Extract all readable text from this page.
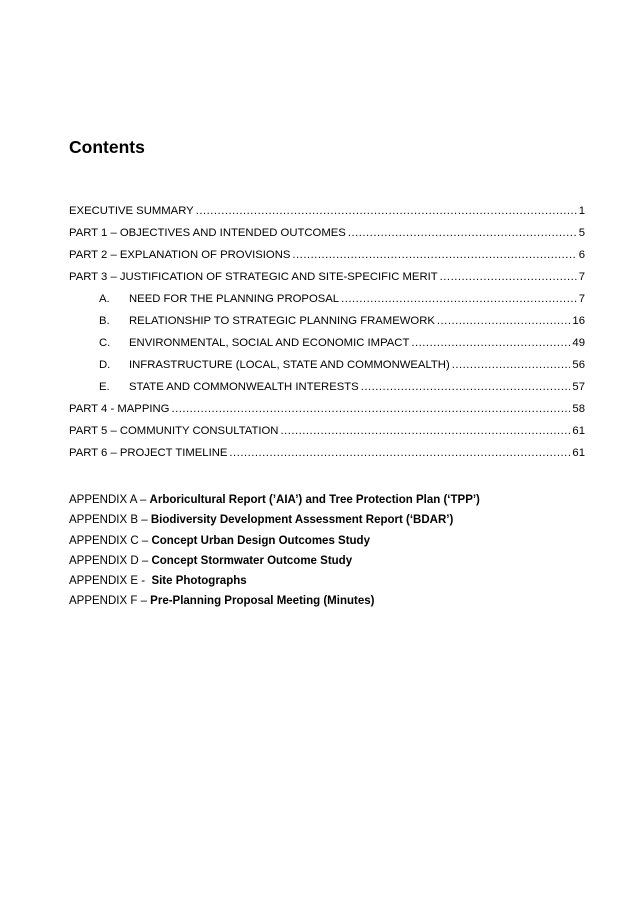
Contents
EXECUTIVE SUMMARY .....	1
PART 1 – OBJECTIVES AND INTENDED OUTCOMES .....	5
PART 2 – EXPLANATION OF PROVISIONS .....	6
PART 3 – JUSTIFICATION OF STRATEGIC AND SITE-SPECIFIC MERIT .....	7
A.	NEED FOR THE PLANNING PROPOSAL .....	7
B.	RELATIONSHIP TO STRATEGIC PLANNING FRAMEWORK .....	16
C.	ENVIRONMENTAL, SOCIAL AND ECONOMIC IMPACT .....	49
D.	INFRASTRUCTURE (LOCAL, STATE AND COMMONWEALTH) .....	56
E.	STATE AND COMMONWEALTH INTERESTS .....	57
PART 4 - MAPPING .....	58
PART 5 – COMMUNITY CONSULTATION .....	61
PART 6 – PROJECT TIMELINE .....	61
APPENDIX A – Arboricultural Report (’AIA’) and Tree Protection Plan (‘TPP’)
APPENDIX B – Biodiversity Development Assessment Report (‘BDAR’)
APPENDIX C – Concept Urban Design Outcomes Study
APPENDIX D – Concept Stormwater Outcome Study
APPENDIX E -  Site Photographs
APPENDIX F – Pre-Planning Proposal Meeting (Minutes)
